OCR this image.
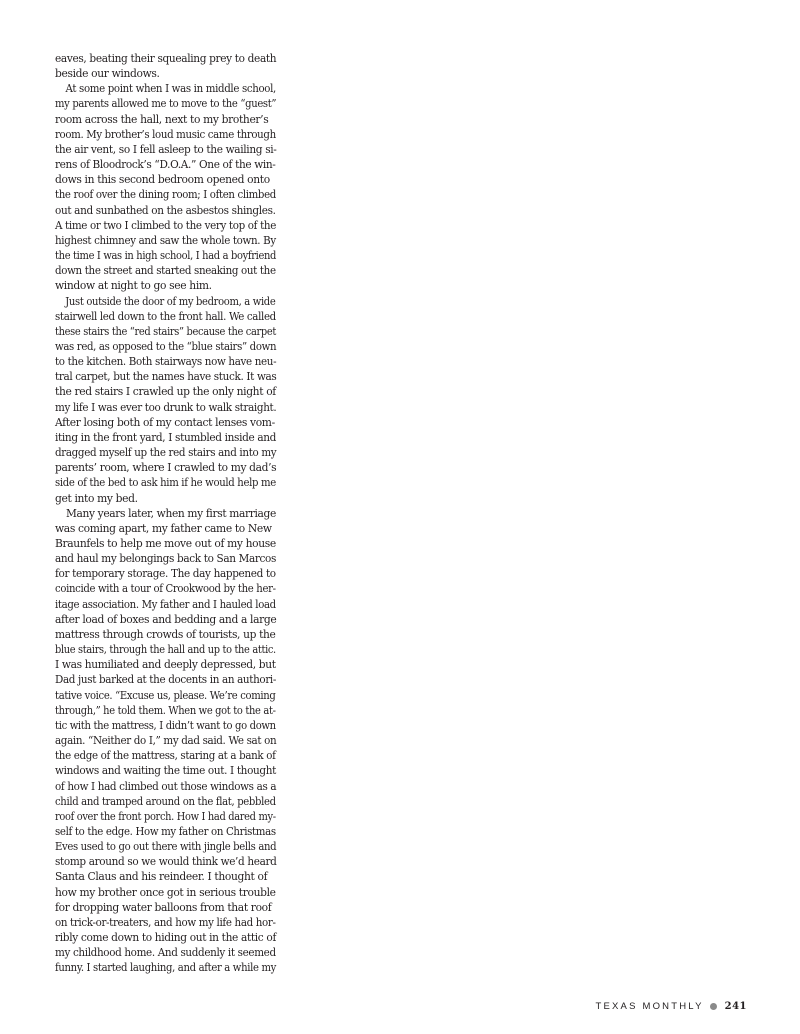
eaves, beating their squealing prey to death
beside our windows.
At some point when I was in middle school,
my parents allowed me to move to the “guest”
room across the hall, next to my brother’s
room. My brother’s loud music came through
the air vent, so I fell asleep to the wailing si-
rens of Bloodrock’s “D.O.A.” One of the win-
dows in this second bedroom opened onto
the roof over the dining room; I often climbed
out and sunbathed on the asbestos shingles.
A time or two I climbed to the very top of the
highest chimney and saw the whole town. By
the time I was in high school, I had a boyfriend
down the street and started sneaking out the
window at night to go see him.
Just outside the door of my bedroom, a wide
stairwell led down to the front hall. We called
these stairs the “red stairs” because the carpet
was red, as opposed to the “blue stairs” down
to the kitchen. Both stairways now have neu-
tral carpet, but the names have stuck. It was
the red stairs I crawled up the only night of
my life I was ever too drunk to walk straight.
After losing both of my contact lenses vom-
iting in the front yard, I stumbled inside and
dragged myself up the red stairs and into my
parents’ room, where I crawled to my dad’s
side of the bed to ask him if he would help me
get into my bed.
Many years later, when my first marriage
was coming apart, my father came to New
Braunfels to help me move out of my house
and haul my belongings back to San Marcos
for temporary storage. The day happened to
coincide with a tour of Crookwood by the her-
itage association. My father and I hauled load
after load of boxes and bedding and a large
mattress through crowds of tourists, up the
blue stairs, through the hall and up to the attic.
I was humiliated and deeply depressed, but
Dad just barked at the docents in an authori-
tative voice. “Excuse us, please. We’re coming
through,” he told them. When we got to the at-
tic with the mattress, I didn’t want to go down
again. “Neither do I,” my dad said. We sat on
the edge of the mattress, staring at a bank of
windows and waiting the time out. I thought
of how I had climbed out those windows as a
child and tramped around on the flat, pebbled
roof over the front porch. How I had dared my-
self to the edge. How my father on Christmas
Eves used to go out there with jingle bells and
stomp around so we would think we’d heard
Santa Claus and his reindeer. I thought of
how my brother once got in serious trouble
for dropping water balloons from that roof
on trick-or-treaters, and how my life had hor-
ribly come down to hiding out in the attic of
my childhood home. And suddenly it seemed
funny. I started laughing, and after a while my
TEXAS MONTHLY 241
